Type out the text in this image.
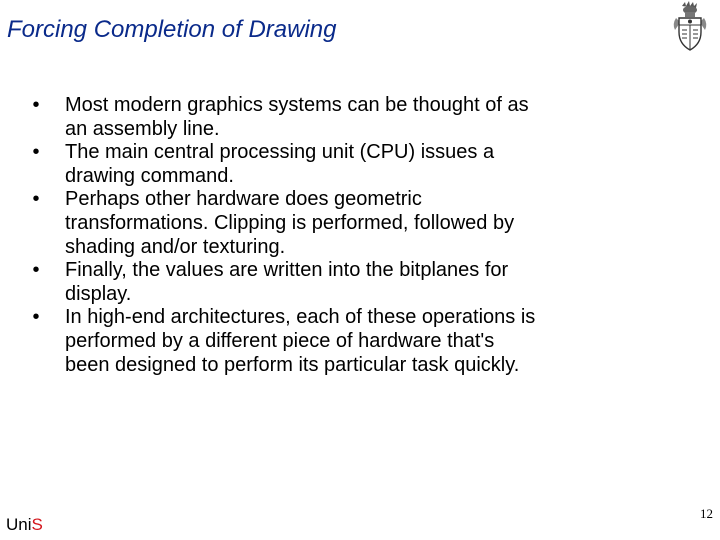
Forcing Completion of Drawing
• Most modern graphics systems can be thought of as
an assembly line.
• The main central processing unit (CPU) issues a
drawing command.
• Perhaps other hardware does geometric
transformations. Clipping is performed, followed by
shading and/or texturing.
• Finally, the values are written into the bitplanes for
display.
• In high-end architectures, each of these operations is
performed by a different piece of hardware that's
been designed to perform its particular task quickly.
UniS
12
